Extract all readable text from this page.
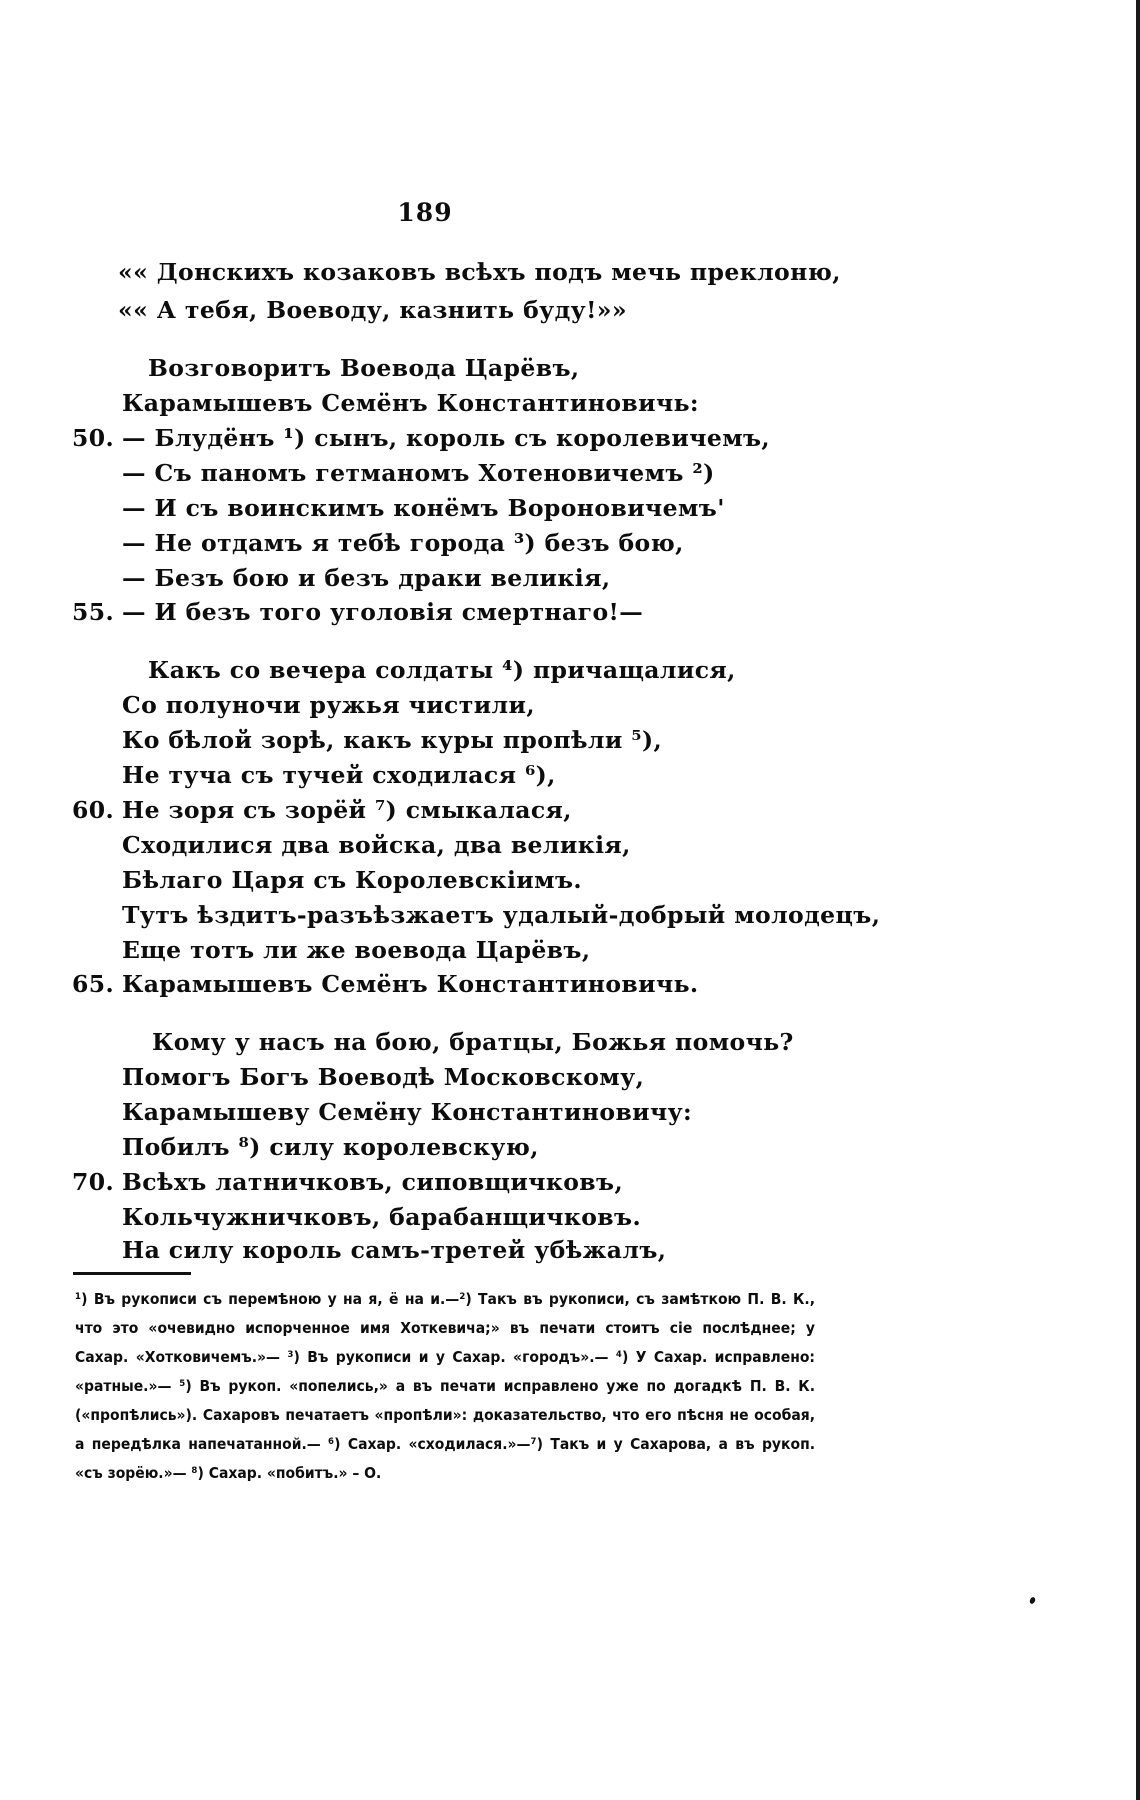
189
«« Донскихъ козаковъ всѣхъ подъ мечь преклоню,
«« А тебя, Воеводу, казнить буду!»»
Возговоритъ Воевода Царёвъ,
Карамышевъ Семёнъ Константиновичь:
50. — Блудёнъ ¹) сынъ, король съ королевичемъ,
— Съ паномъ гетманомъ Хотеновичемъ ²)
— И съ воинскимъ конёмъ Вороновичемъ'
— Не отдамъ я тебѣ города ³) безъ бою,
— Безъ бою и безъ драки великія,
55. — И безъ того уголовія смертнаго!—
Какъ со вечера солдаты ⁴) причащалися,
Со полуночи ружья чистили,
Ко бѣлой зорѣ, какъ куры пропѣли ⁵),
Не туча съ тучей сходилася ⁶),
60. Не зоря съ зорёй ⁷) смыкалася,
Сходилися два войска, два великія,
Бѣлаго Царя съ Королевскіимъ.
Тутъ ѣздитъ-разъѣзжаетъ удалый-добрый молодецъ,
Еще тотъ ли же воевода Царёвъ,
65. Карамышевъ Семёнъ Константиновичь.
Кому у насъ на бою, братцы, Божья помочь?
Помогъ Богъ Воеводѣ Московскому,
Карамышеву Семёну Константиновичу:
Побилъ ⁸) силу королевскую,
70. Всѣхъ латничковъ, сиповщичковъ,
Кольчужничковъ, барабанщичковъ.
На силу король самъ-третей убѣжалъ,
¹) Въ рукописи съ перемѣною у на я, ё на и.—²) Такъ въ рукописи, съ замѣткою П. В. К., что это «очевидно испорченное имя Хоткевича;» въ печати стоитъ сіе послѣднее; у Сахар. «Хотковичемъ.»— ³) Въ рукописи и у Сахар. «городъ».— ⁴) У Сахар. исправлено: «ратные.»— ⁵) Въ рукоп. «попелись,» а въ печати исправлено уже по догадкѣ П. В. К. («пропѣлись»). Сахаровъ печатаетъ «пропѣли»: доказательство, что его пѣсня не особая, а передѣлка напечатанной.— ⁶) Сахар. «сходилася.»—⁷) Такъ и у Сахарова, а въ рукоп. «съ зорёю.»— ⁸) Сахар. «побитъ.» – О.
